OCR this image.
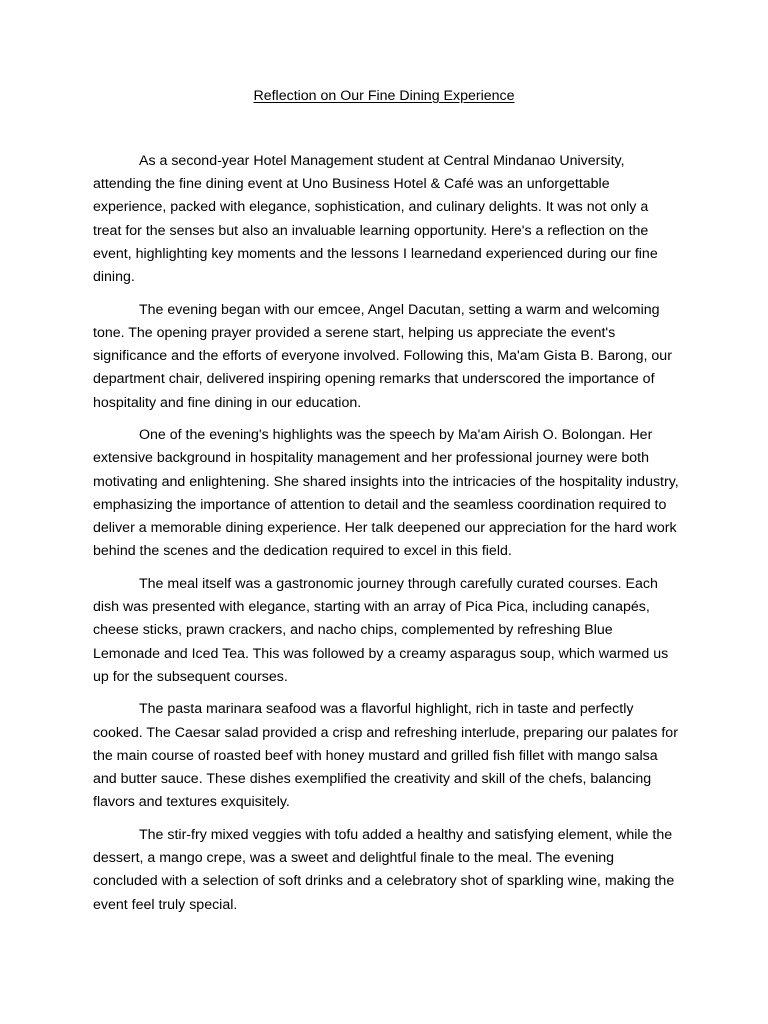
Reflection on Our Fine Dining Experience

As a second-year Hotel Management student at Central Mindanao University, attending the fine dining event at Uno Business Hotel & Café was an unforgettable experience, packed with elegance, sophistication, and culinary delights. It was not only a treat for the senses but also an invaluable learning opportunity. Here's a reflection on the event, highlighting key moments and the lessons I learnedand experienced during our fine dining.

The evening began with our emcee, Angel Dacutan, setting a warm and welcoming tone. The opening prayer provided a serene start, helping us appreciate the event's significance and the efforts of everyone involved. Following this, Ma'am Gista B. Barong, our department chair, delivered inspiring opening remarks that underscored the importance of hospitality and fine dining in our education.

One of the evening's highlights was the speech by Ma'am Airish O. Bolongan. Her extensive background in hospitality management and her professional journey were both motivating and enlightening. She shared insights into the intricacies of the hospitality industry, emphasizing the importance of attention to detail and the seamless coordination required to deliver a memorable dining experience. Her talk deepened our appreciation for the hard work behind the scenes and the dedication required to excel in this field.

The meal itself was a gastronomic journey through carefully curated courses. Each dish was presented with elegance, starting with an array of Pica Pica, including canapés, cheese sticks, prawn crackers, and nacho chips, complemented by refreshing Blue Lemonade and Iced Tea. This was followed by a creamy asparagus soup, which warmed us up for the subsequent courses.

The pasta marinara seafood was a flavorful highlight, rich in taste and perfectly cooked. The Caesar salad provided a crisp and refreshing interlude, preparing our palates for the main course of roasted beef with honey mustard and grilled fish fillet with mango salsa and butter sauce. These dishes exemplified the creativity and skill of the chefs, balancing flavors and textures exquisitely.

The stir-fry mixed veggies with tofu added a healthy and satisfying element, while the dessert, a mango crepe, was a sweet and delightful finale to the meal. The evening concluded with a selection of soft drinks and a celebratory shot of sparkling wine, making the event feel truly special.
